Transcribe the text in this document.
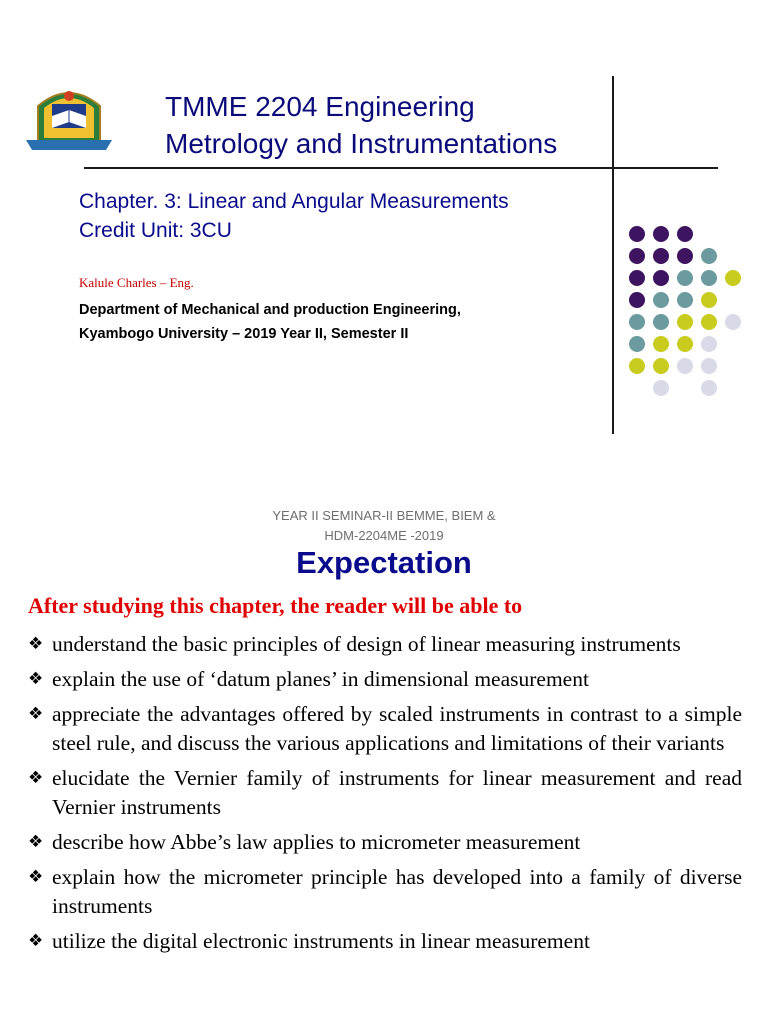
TMME 2204 Engineering
Metrology and Instrumentations
Chapter. 3: Linear and Angular Measurements
Credit Unit: 3CU
Kalule Charles – Eng.
Department of Mechanical and production Engineering,
Kyambogo University – 2019 Year II, Semester II
YEAR II SEMINAR-II BEMME, BIEM &
HDM-2204ME -2019
Expectation
After studying this chapter, the reader will be able to
❖ understand the basic principles of design of linear measuring instruments
❖ explain the use of ‘datum planes’ in dimensional measurement
❖ appreciate the advantages offered by scaled instruments in contrast to a simple steel rule, and discuss the various applications and limitations of their variants
❖ elucidate the Vernier family of instruments for linear measurement and read Vernier instruments
❖ describe how Abbe’s law applies to micrometer measurement
❖ explain how the micrometer principle has developed into a family of diverse instruments
❖ utilize the digital electronic instruments in linear measurement
